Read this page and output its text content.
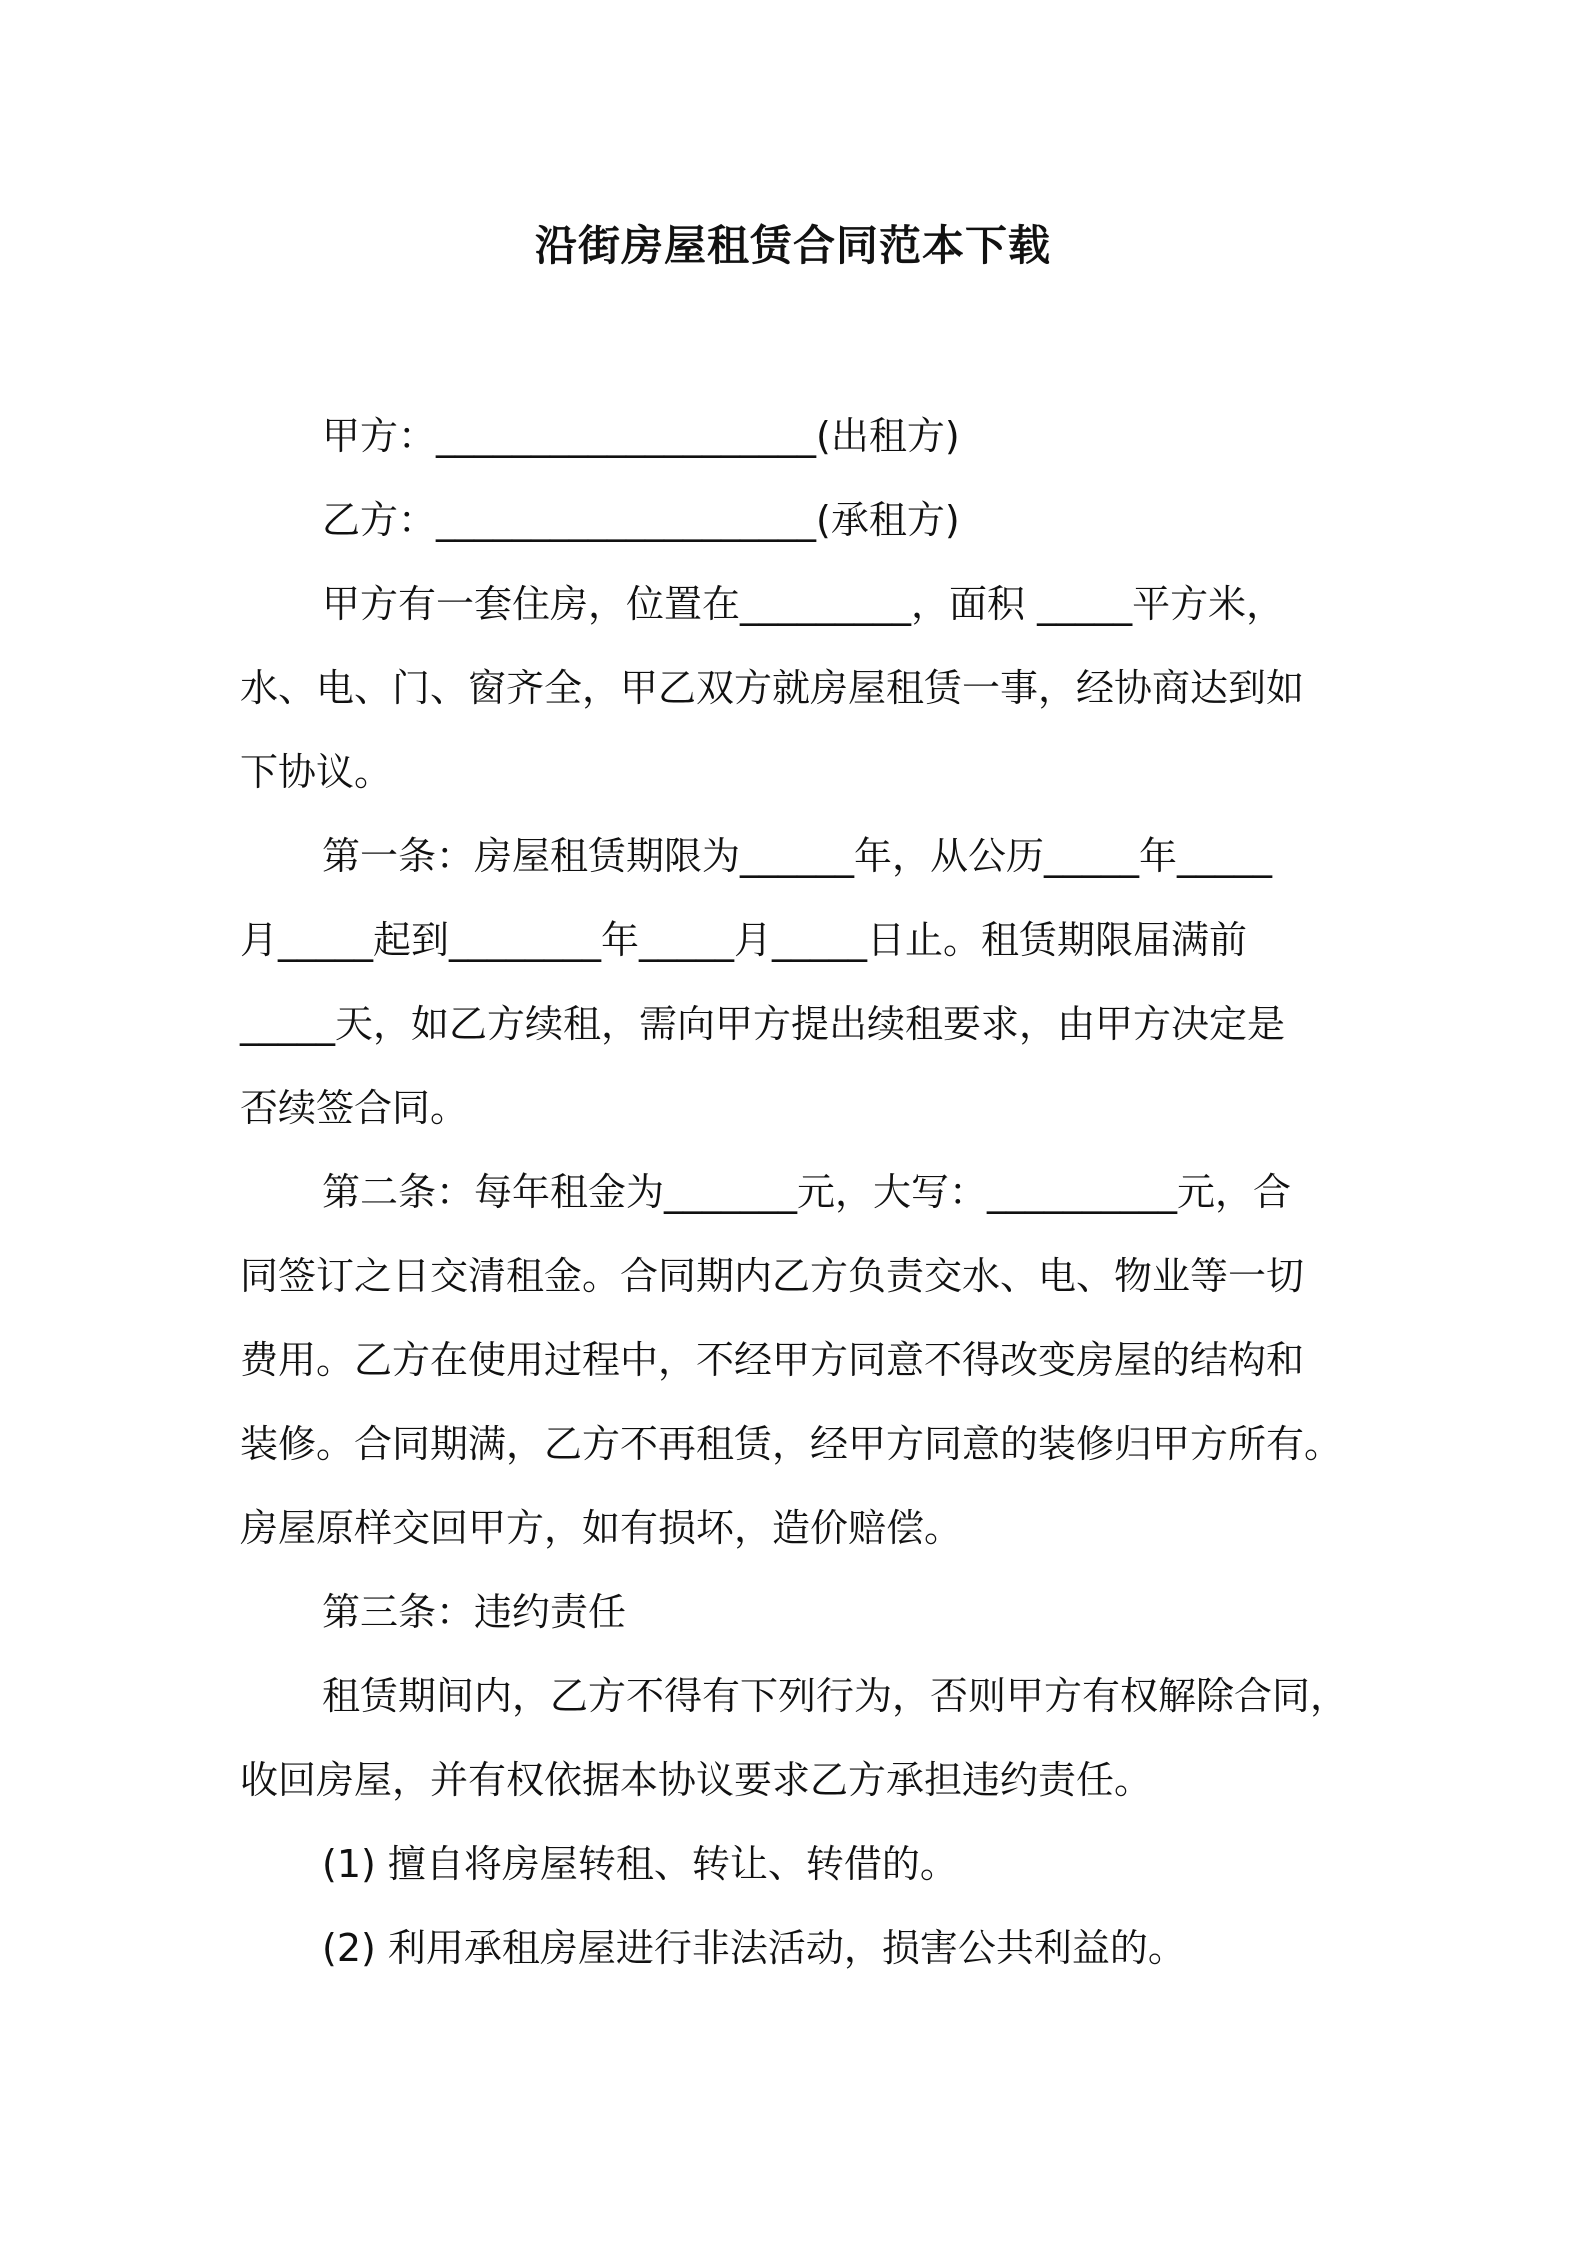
沿街房屋租赁合同范本下载
甲方：____________________(出租方)
乙方：____________________(承租方)
甲方有一套住房，位置在_________，面积 _____平方米，
水、电、门、窗齐全，甲乙双方就房屋租赁一事，经协商达到如
下协议。
第一条：房屋租赁期限为______年，从公历_____年_____
月_____起到________年_____月_____日止。租赁期限届满前
_____天，如乙方续租，需向甲方提出续租要求，由甲方决定是
否续签合同。
第二条：每年租金为_______元，大写：__________元，合
同签订之日交清租金。合同期内乙方负责交水、电、物业等一切
费用。乙方在使用过程中，不经甲方同意不得改变房屋的结构和
装修。合同期满，乙方不再租赁，经甲方同意的装修归甲方所有。
房屋原样交回甲方，如有损坏，造价赔偿。
第三条：违约责任
租赁期间内，乙方不得有下列行为，否则甲方有权解除合同，
收回房屋，并有权依据本协议要求乙方承担违约责任。
(1) 擅自将房屋转租、转让、转借的。
(2) 利用承租房屋进行非法活动，损害公共利益的。
